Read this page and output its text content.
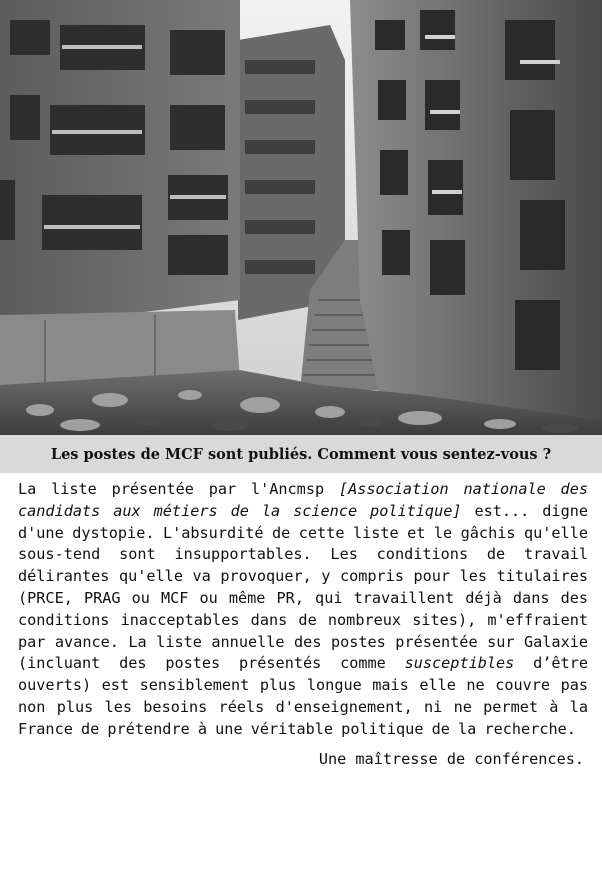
Les postes de MCF sont publiés. Comment vous sentez-vous ?

La liste présentée par l'Ancmsp [Association nationale des candidats aux métiers de la science politique] est... digne d'une dystopie. L'absurdité de cette liste et le gâchis qu'elle sous-tend sont insupportables. Les conditions de travail délirantes qu'elle va provoquer, y compris pour les titulaires (PRCE, PRAG ou MCF ou même PR, qui travaillent déjà dans des conditions inacceptables dans de nombreux sites), m'effraient par avance. La liste annuelle des postes présentée sur Galaxie (incluant des postes présentés comme susceptibles d’être ouverts) est sensiblement plus longue mais elle ne couvre pas non plus les besoins réels d'enseignement, ni ne permet à la France de prétendre à une véritable politique de la recherche.

Une maîtresse de conférences.
